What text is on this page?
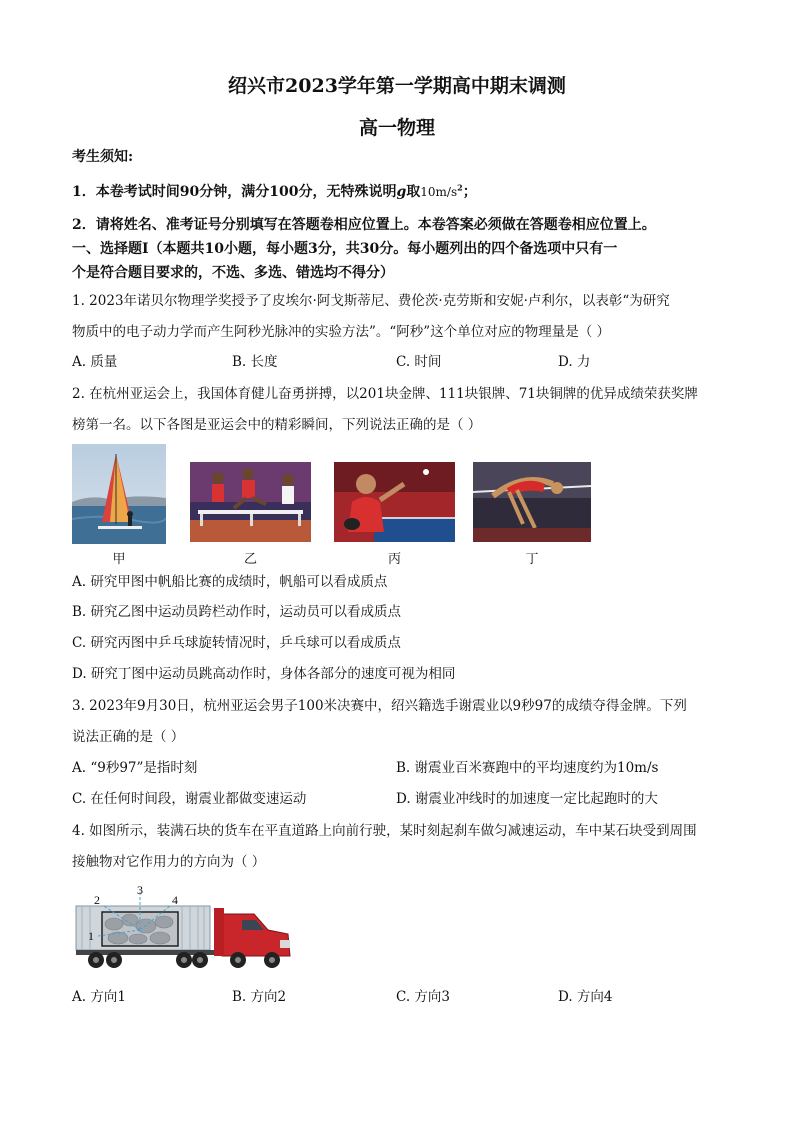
绍兴市2023学年第一学期高中期末调测
高一物理
考生须知:
1．本卷考试时间90分钟，满分100分，无特殊说明g取$10m/s^2$；
2．请将姓名、准考证号分别填写在答题卷相应位置上。本卷答案必须做在答题卷相应位置上。
一、选择题Ⅰ（本题共10小题，每小题3分，共30分。每小题列出的四个备选项中只有一
个是符合题目要求的，不选、多选、错选均不得分）
1. 2023年诺贝尔物理学奖授予了皮埃尔·阿戈斯蒂尼、费伦茨·克劳斯和安妮·卢利尔，以表彰“为研究
物质中的电子动力学而产生阿秒光脉冲的实验方法”。“阿秒”这个单位对应的物理量是（ ）
A. 质量	B. 长度	C. 时间	D. 力
2. 在杭州亚运会上，我国体育健儿奋勇拼搏，以201块金牌、111块银牌、71块铜牌的优异成绩荣获奖牌
榜第一名。以下各图是亚运会中的精彩瞬间，下列说法正确的是（ ）
甲	乙	丙	丁
A. 研究甲图中帆船比赛的成绩时，帆船可以看成质点
B. 研究乙图中运动员跨栏动作时，运动员可以看成质点
C. 研究丙图中乒乓球旋转情况时，乒乓球可以看成质点
D. 研究丁图中运动员跳高动作时，身体各部分的速度可视为相同
3. 2023年9月30日，杭州亚运会男子100米决赛中，绍兴籍选手谢震业以9秒97的成绩夺得金牌。下列
说法正确的是（ ）
A. “9秒97”是指时刻	B. 谢震业百米赛跑中的平均速度约为10m/s
C. 在任何时间段，谢震业都做变速运动	D. 谢震业冲线时的加速度一定比起跑时的大
4. 如图所示，装满石块的货车在平直道路上向前行驶，某时刻起刹车做匀减速运动，车中某石块受到周围
接触物对它作用力的方向为（ ）
1
2
3
4
A. 方向1	B. 方向2	C. 方向3	D. 方向4
